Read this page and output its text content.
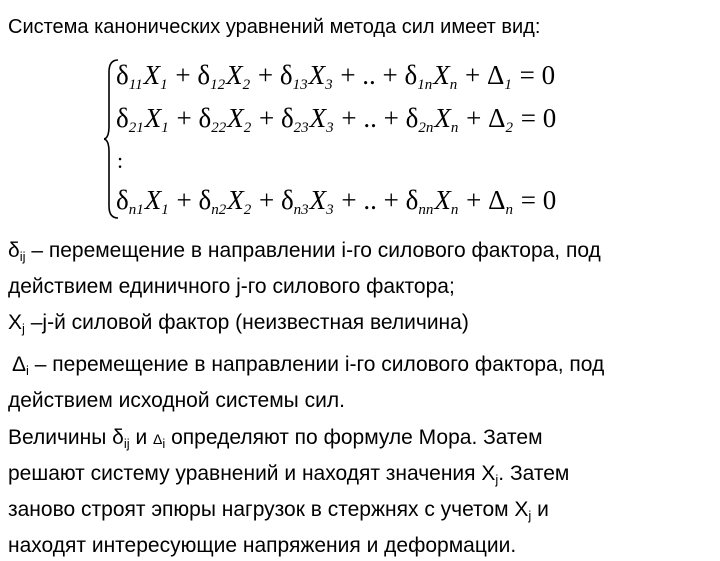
Система канонических уравнений метода сил имеет вид:
$\delta_{11}X_1 + \delta_{12}X_2 + \delta_{13}X_3$ + .. + $\delta_{1n}X_n + \Delta_1 = 0$
$\delta_{21}X_1 + \delta_{22}X_2 + \delta_{23}X_3$ + .. + $\delta_{2n}X_n + \Delta_2 = 0$
:
$\delta_{n1}X_1 + \delta_{n2}X_2 + \delta_{n3}X_3$ + .. + $\delta_{nn}X_n + \Delta_n = 0$
$\delta_{ij}$ – перемещение в направлении i-го силового фактора, под
действием единичного j-го силового фактора;
$X_j$ –j-й силовой фактор (неизвестная величина)
$\Delta_i$ – перемещение в направлении i-го силового фактора, под
действием исходной системы сил.
Величины $\delta_{ij}$ и $\Delta_i$ определяют по формуле Мора. Затем
решают систему уравнений и находят значения $X_j$. Затем
заново строят эпюры нагрузок в стержнях с учетом $X_j$ и
находят интересующие напряжения и деформации.
